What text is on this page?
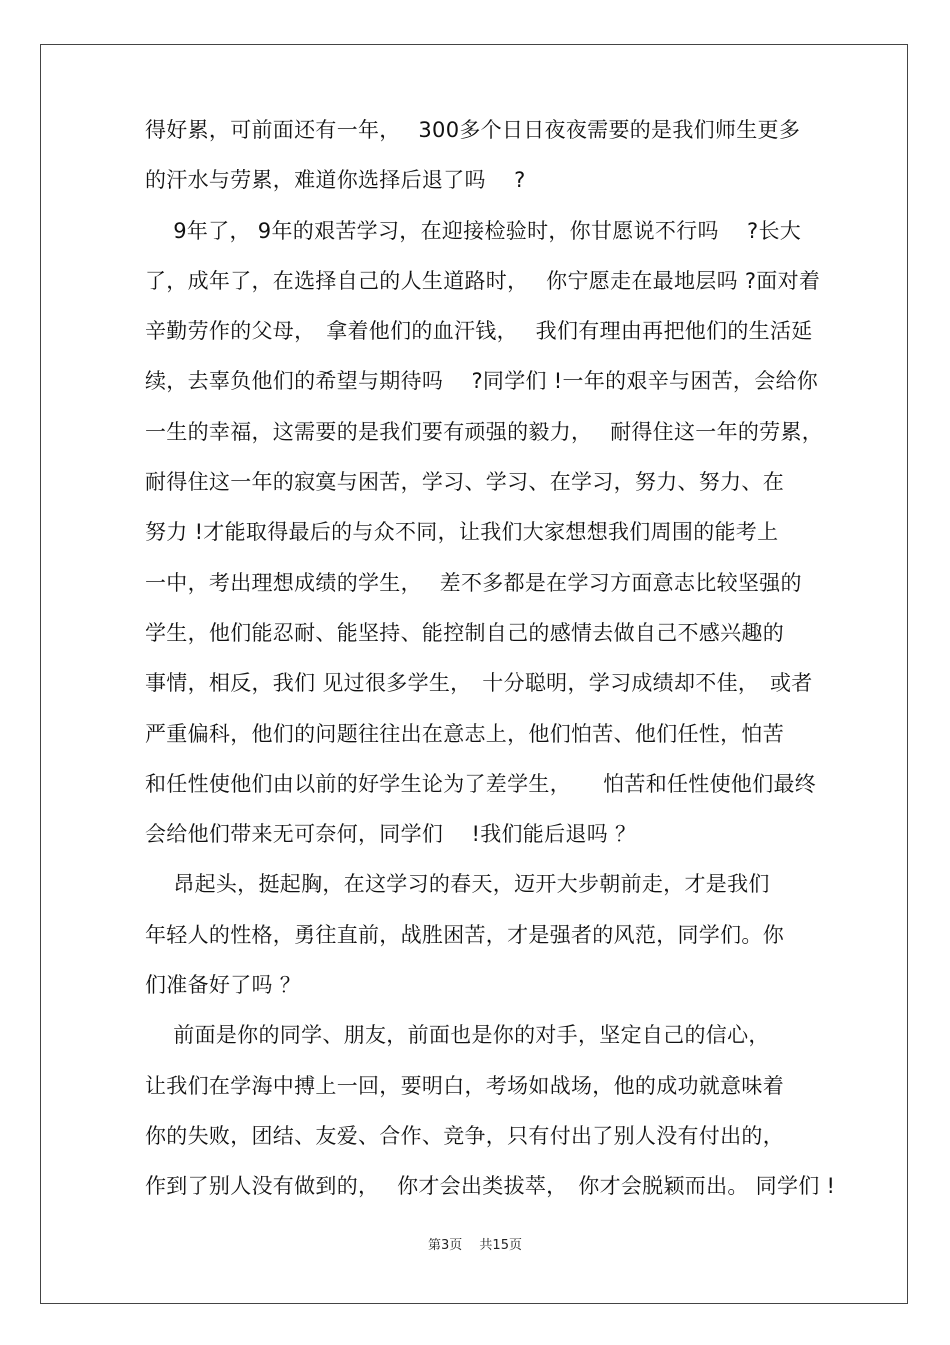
得好累，可前面还有一年，　 300多个日日夜夜需要的是我们师生更多
的汗水与劳累，难道你选择后退了吗　 ?
　 9年了， 9年的艰苦学习，在迎接检验时，你甘愿说不行吗　 ?长大
了，成年了，在选择自己的人生道路时，　 你宁愿走在最地层吗 ?面对着
辛勤劳作的父母，　拿着他们的血汗钱，　 我们有理由再把他们的生活延
续，去辜负他们的希望与期待吗　 ?同学们 !一年的艰辛与困苦，会给你
一生的幸福，这需要的是我们要有顽强的毅力，　 耐得住这一年的劳累，
耐得住这一年的寂寞与困苦，学习、学习、在学习，努力、努力、在
努力 !才能取得最后的与众不同，让我们大家想想我们周围的能考上
一中，考出理想成绩的学生，　 差不多都是在学习方面意志比较坚强的
学生，他们能忍耐、能坚持、能控制自己的感情去做自己不感兴趣的
事情，相反，我们 见过很多学生，　十分聪明，学习成绩却不佳，　或者
严重偏科，他们的问题往往出在意志上，他们怕苦、他们任性，怕苦
和任性使他们由以前的好学生论为了差学生，　　怕苦和任性使他们最终
会给他们带来无可奈何，同学们　 !我们能后退吗 ？
　 昂起头，挺起胸，在这学习的春天，迈开大步朝前走，才是我们
年轻人的性格，勇往直前，战胜困苦，才是强者的风范，同学们。你
们准备好了吗 ？
　 前面是你的同学、朋友，前面也是你的对手，坚定自己的信心，
让我们在学海中搏上一回，要明白，考场如战场，他的成功就意味着
你的失败，团结、友爱、合作、竞争，只有付出了别人没有付出的，
作到了别人没有做到的，　 你才会出类拔萃，　你才会脱颖而出。 同学们 !
第3页　 共15页
